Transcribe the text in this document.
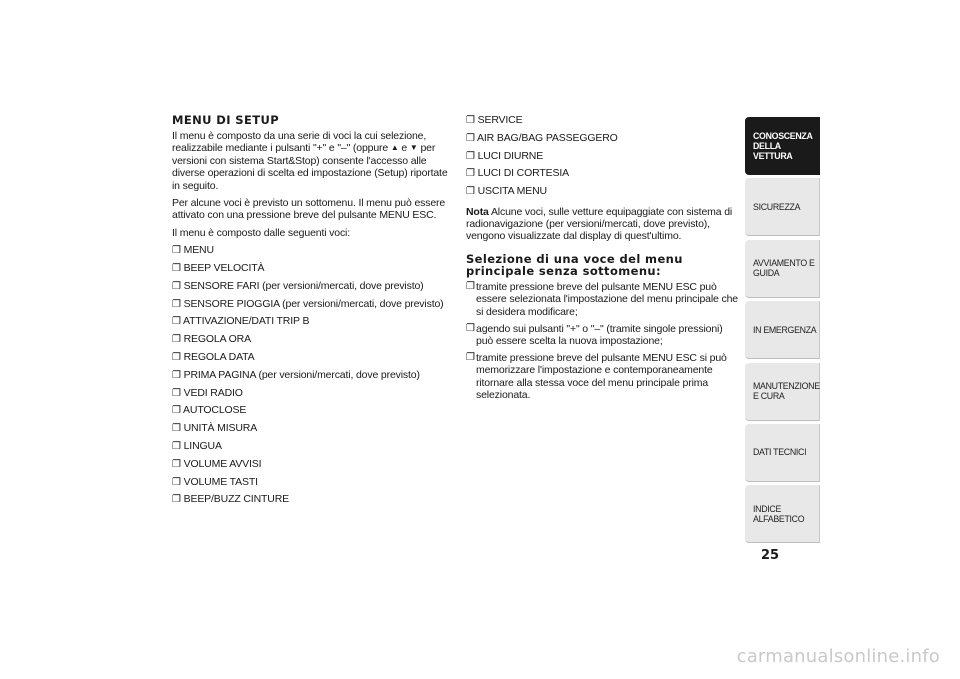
MENU DI SETUP

Il menu è composto da una serie di voci la cui selezione, realizzabile mediante i pulsanti "+" e "–" (oppure ▲ e ▼ per versioni con sistema Start&Stop) consente l'accesso alle diverse operazioni di scelta ed impostazione (Setup) riportate in seguito.

Per alcune voci è previsto un sottomenu. Il menu può essere attivato con una pressione breve del pulsante MENU ESC.

Il menu è composto dalle seguenti voci:

❐ MENU
❐ BEEP VELOCITÀ
❐ SENSORE FARI (per versioni/mercati, dove previsto)
❐ SENSORE PIOGGIA (per versioni/mercati, dove previsto)
❐ ATTIVAZIONE/DATI TRIP B
❐ REGOLA ORA
❐ REGOLA DATA
❐ PRIMA PAGINA (per versioni/mercati, dove previsto)
❐ VEDI RADIO
❐ AUTOCLOSE
❐ UNITÀ MISURA
❐ LINGUA
❐ VOLUME AVVISI
❐ VOLUME TASTI
❐ BEEP/BUZZ CINTURE
❐ SERVICE
❐ AIR BAG/BAG PASSEGGERO
❐ LUCI DIURNE
❐ LUCI DI CORTESIA
❐ USCITA MENU

Nota Alcune voci, sulle vetture equipaggiate con sistema di radionavigazione (per versioni/mercati, dove previsto), vengono visualizzate dal display di quest'ultimo.

Selezione di una voce del menu principale senza sottomenu:
❐ tramite pressione breve del pulsante MENU ESC può essere selezionata l'impostazione del menu principale che si desidera modificare;
❐ agendo sui pulsanti "+" o "–" (tramite singole pressioni) può essere scelta la nuova impostazione;
❐ tramite pressione breve del pulsante MENU ESC si può memorizzare l'impostazione e contemporaneamente ritornare alla stessa voce del menu principale prima selezionata.
CONOSCENZA DELLA VETTURA
SICUREZZA
AVVIAMENTO E GUIDA
IN EMERGENZA
MANUTENZIONE E CURA
DATI TECNICI
INDICE ALFABETICO
25
carmanualsonline.info
